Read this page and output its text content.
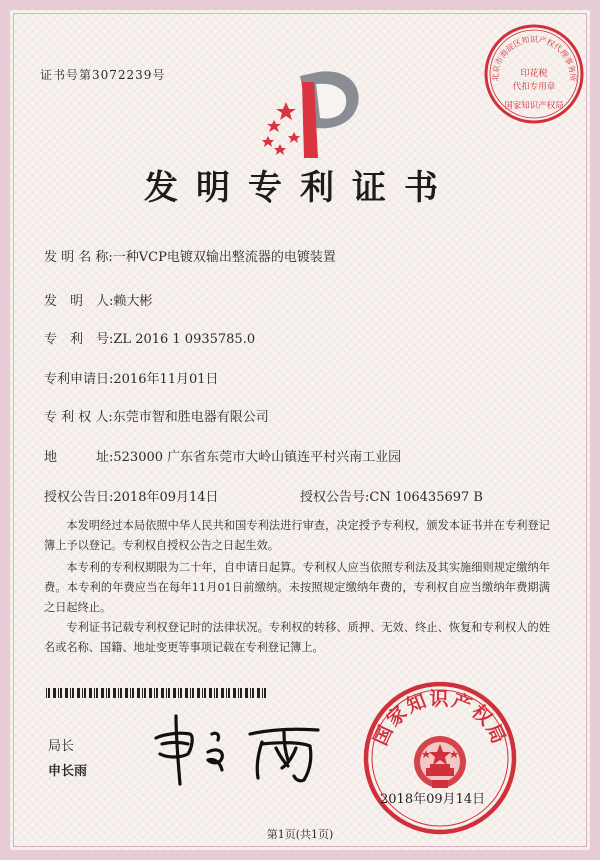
证书号第3072239号	北京市海淀区知识产权代理事务所
印花税
代扣专用章
国家知识产权局
发明专利证书
发 明 名 称:一种VCP电镀双输出整流器的电镀装置
发　明　人:赖大彬
专　利　号:ZL 2016 1 0935785.0
专利申请日:2016年11月01日
专 利 权 人:东莞市智和胜电器有限公司
地　　　址:523000 广东省东莞市大岭山镇连平村兴南工业园
授权公告日:2018年09月14日	授权公告号:CN 106435697 B
本发明经过本局依照中华人民共和国专利法进行审查，决定授予专利权，颁发本证书并在专利登记簿上予以登记。专利权自授权公告之日起生效。
本专利的专利权期限为二十年，自申请日起算。专利权人应当依照专利法及其实施细则规定缴纳年费。本专利的年费应当在每年11月01日前缴纳。未按照规定缴纳年费的，专利权自应当缴纳年费期满之日起终止。
专利证书记载专利权登记时的法律状况。专利权的转移、质押、无效、终止、恢复和专利权人的姓名或名称、国籍、地址变更等事项记载在专利登记簿上。
局长
申长雨
国家知识产权局
2018年09月14日
第1页(共1页)
